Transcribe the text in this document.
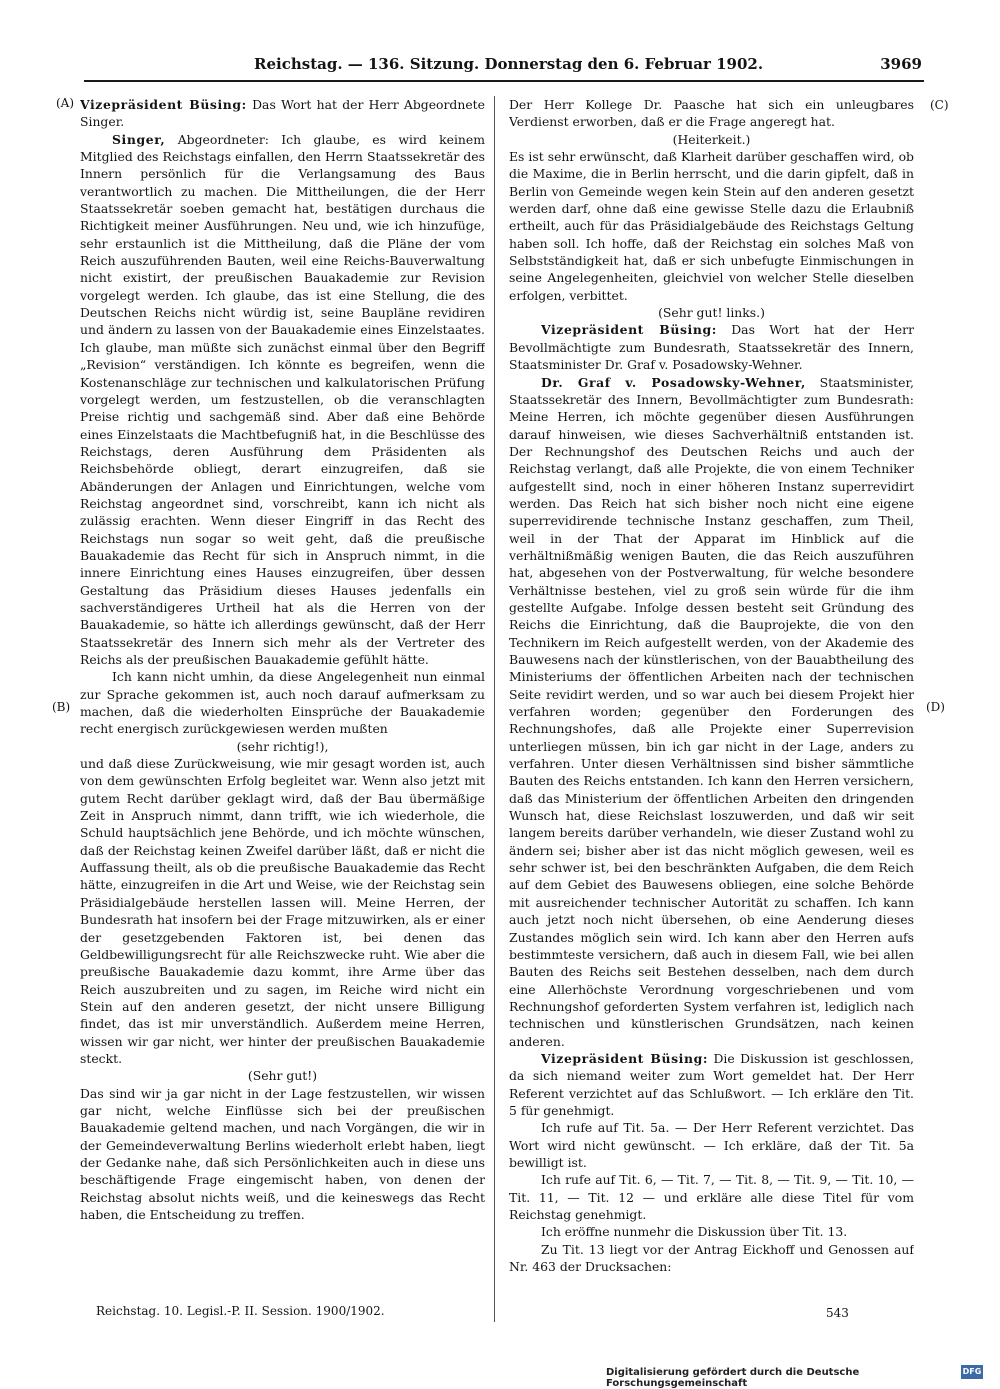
Reichstag. — 136. Sitzung. Donnerstag den 6. Februar 1902.	3969
(A)
(B)
(C)
(D)

Vizepräsident Büsing: Das Wort hat der Herr Abgeordnete Singer.

Singer, Abgeordneter: Ich glaube, es wird keinem Mitglied des Reichstags einfallen, den Herrn Staatssekretär des Innern persönlich für die Verlangsamung des Baus verantwortlich zu machen. Die Mittheilungen, die der Herr Staatssekretär soeben gemacht hat, bestätigen durchaus die Richtigkeit meiner Ausführungen. Neu und, wie ich hinzufüge, sehr erstaunlich ist die Mittheilung, daß die Pläne der vom Reich auszuführenden Bauten, weil eine Reichs-Bauverwaltung nicht existirt, der preußischen Bauakademie zur Revision vorgelegt werden. Ich glaube, das ist eine Stellung, die des Deutschen Reichs nicht würdig ist, seine Baupläne revidiren und ändern zu lassen von der Bauakademie eines Einzelstaates. Ich glaube, man müßte sich zunächst einmal über den Begriff „Revision“ verständigen. Ich könnte es begreifen, wenn die Kostenanschläge zur technischen und kalkulatorischen Prüfung vorgelegt werden, um festzustellen, ob die veranschlagten Preise richtig und sachgemäß sind. Aber daß eine Behörde eines Einzelstaats die Machtbefugniß hat, in die Beschlüsse des Reichstags, deren Ausführung dem Präsidenten als Reichsbehörde obliegt, derart einzugreifen, daß sie Abänderungen der Anlagen und Einrichtungen, welche vom Reichstag angeordnet sind, vorschreibt, kann ich nicht als zulässig erachten. Wenn dieser Eingriff in das Recht des Reichstags nun sogar so weit geht, daß die preußische Bauakademie das Recht für sich in Anspruch nimmt, in die innere Einrichtung eines Hauses einzugreifen, über dessen Gestaltung das Präsidium dieses Hauses jedenfalls ein sachverständigeres Urtheil hat als die Herren von der Bauakademie, so hätte ich allerdings gewünscht, daß der Herr Staatssekretär des Innern sich mehr als der Vertreter des Reichs als der preußischen Bauakademie gefühlt hätte.

Ich kann nicht umhin, da diese Angelegenheit nun einmal zur Sprache gekommen ist, auch noch darauf aufmerksam zu machen, daß die wiederholten Einsprüche der Bauakademie recht energisch zurückgewiesen werden mußten

(sehr richtig!),

und daß diese Zurückweisung, wie mir gesagt worden ist, auch von dem gewünschten Erfolg begleitet war. Wenn also jetzt mit gutem Recht darüber geklagt wird, daß der Bau übermäßige Zeit in Anspruch nimmt, dann trifft, wie ich wiederhole, die Schuld hauptsächlich jene Behörde, und ich möchte wünschen, daß der Reichstag keinen Zweifel darüber läßt, daß er nicht die Auffassung theilt, als ob die preußische Bauakademie das Recht hätte, einzugreifen in die Art und Weise, wie der Reichstag sein Präsidialgebäude herstellen lassen will. Meine Herren, der Bundesrath hat insofern bei der Frage mitzuwirken, als er einer der gesetzgebenden Faktoren ist, bei denen das Geldbewilligungsrecht für alle Reichszwecke ruht. Wie aber die preußische Bauakademie dazu kommt, ihre Arme über das Reich auszubreiten und zu sagen, im Reiche wird nicht ein Stein auf den anderen gesetzt, der nicht unsere Billigung findet, das ist mir unverständlich. Außerdem meine Herren, wissen wir gar nicht, wer hinter der preußischen Bauakademie steckt.

(Sehr gut!)

Das sind wir ja gar nicht in der Lage festzustellen, wir wissen gar nicht, welche Einflüsse sich bei der preußischen Bauakademie geltend machen, und nach Vorgängen, die wir in der Gemeindeverwaltung Berlins wiederholt erlebt haben, liegt der Gedanke nahe, daß sich Persönlichkeiten auch in diese uns beschäftigende Frage eingemischt haben, von denen der Reichstag absolut nichts weiß, und die keineswegs das Recht haben, die Entscheidung zu treffen.

Der Herr Kollege Dr. Paasche hat sich ein unleugbares Verdienst erworben, daß er die Frage angeregt hat.

(Heiterkeit.)

Es ist sehr erwünscht, daß Klarheit darüber geschaffen wird, ob die Maxime, die in Berlin herrscht, und die darin gipfelt, daß in Berlin von Gemeinde wegen kein Stein auf den anderen gesetzt werden darf, ohne daß eine gewisse Stelle dazu die Erlaubniß ertheilt, auch für das Präsidialgebäude des Reichstags Geltung haben soll. Ich hoffe, daß der Reichstag ein solches Maß von Selbstständigkeit hat, daß er sich unbefugte Einmischungen in seine Angelegenheiten, gleichviel von welcher Stelle dieselben erfolgen, verbittet.

(Sehr gut! links.)

Vizepräsident Büsing: Das Wort hat der Herr Bevollmächtigte zum Bundesrath, Staatssekretär des Innern, Staatsminister Dr. Graf v. Posadowsky-Wehner.

Dr. Graf v. Posadowsky-Wehner, Staatsminister, Staatssekretär des Innern, Bevollmächtigter zum Bundesrath: Meine Herren, ich möchte gegenüber diesen Ausführungen darauf hinweisen, wie dieses Sachverhältniß entstanden ist. Der Rechnungshof des Deutschen Reichs und auch der Reichstag verlangt, daß alle Projekte, die von einem Techniker aufgestellt sind, noch in einer höheren Instanz superrevidirt werden. Das Reich hat sich bisher noch nicht eine eigene superrevidirende technische Instanz geschaffen, zum Theil, weil in der That der Apparat im Hinblick auf die verhältnißmäßig wenigen Bauten, die das Reich auszuführen hat, abgesehen von der Postverwaltung, für welche besondere Verhältnisse bestehen, viel zu groß sein würde für die ihm gestellte Aufgabe. Infolge dessen besteht seit Gründung des Reichs die Einrichtung, daß die Bauprojekte, die von den Technikern im Reich aufgestellt werden, von der Akademie des Bauwesens nach der künstlerischen, von der Bauabtheilung des Ministeriums der öffentlichen Arbeiten nach der technischen Seite revidirt werden, und so war auch bei diesem Projekt hier verfahren worden; gegenüber den Forderungen des Rechnungshofes, daß alle Projekte einer Superrevision unterliegen müssen, bin ich gar nicht in der Lage, anders zu verfahren. Unter diesen Verhältnissen sind bisher sämmtliche Bauten des Reichs entstanden. Ich kann den Herren versichern, daß das Ministerium der öffentlichen Arbeiten den dringenden Wunsch hat, diese Reichslast loszuwerden, und daß wir seit langem bereits darüber verhandeln, wie dieser Zustand wohl zu ändern sei; bisher aber ist das nicht möglich gewesen, weil es sehr schwer ist, bei den beschränkten Aufgaben, die dem Reich auf dem Gebiet des Bauwesens obliegen, eine solche Behörde mit ausreichender technischer Autorität zu schaffen. Ich kann auch jetzt noch nicht übersehen, ob eine Aenderung dieses Zustandes möglich sein wird. Ich kann aber den Herren aufs bestimmteste versichern, daß auch in diesem Fall, wie bei allen Bauten des Reichs seit Bestehen desselben, nach dem durch eine Allerhöchste Verordnung vorgeschriebenen und vom Rechnungshof geforderten System verfahren ist, lediglich nach technischen und künstlerischen Grundsätzen, nach keinen anderen.

Vizepräsident Büsing: Die Diskussion ist geschlossen, da sich niemand weiter zum Wort gemeldet hat. Der Herr Referent verzichtet auf das Schlußwort. — Ich erkläre den Tit. 5 für genehmigt.

Ich rufe auf Tit. 5a. — Der Herr Referent verzichtet. Das Wort wird nicht gewünscht. — Ich erkläre, daß der Tit. 5a bewilligt ist.

Ich rufe auf Tit. 6, — Tit. 7, — Tit. 8, — Tit. 9, — Tit. 10, — Tit. 11, — Tit. 12 — und erkläre alle diese Titel für vom Reichstag genehmigt.

Ich eröffne nunmehr die Diskussion über Tit. 13.

Zu Tit. 13 liegt vor der Antrag Eickhoff und Genossen auf Nr. 463 der Drucksachen:

Reichstag. 10. Legisl.-P. II. Session. 1900/1902.	543
Digitalisierung gefördert durch die Deutsche Forschungsgemeinschaft
DFG
